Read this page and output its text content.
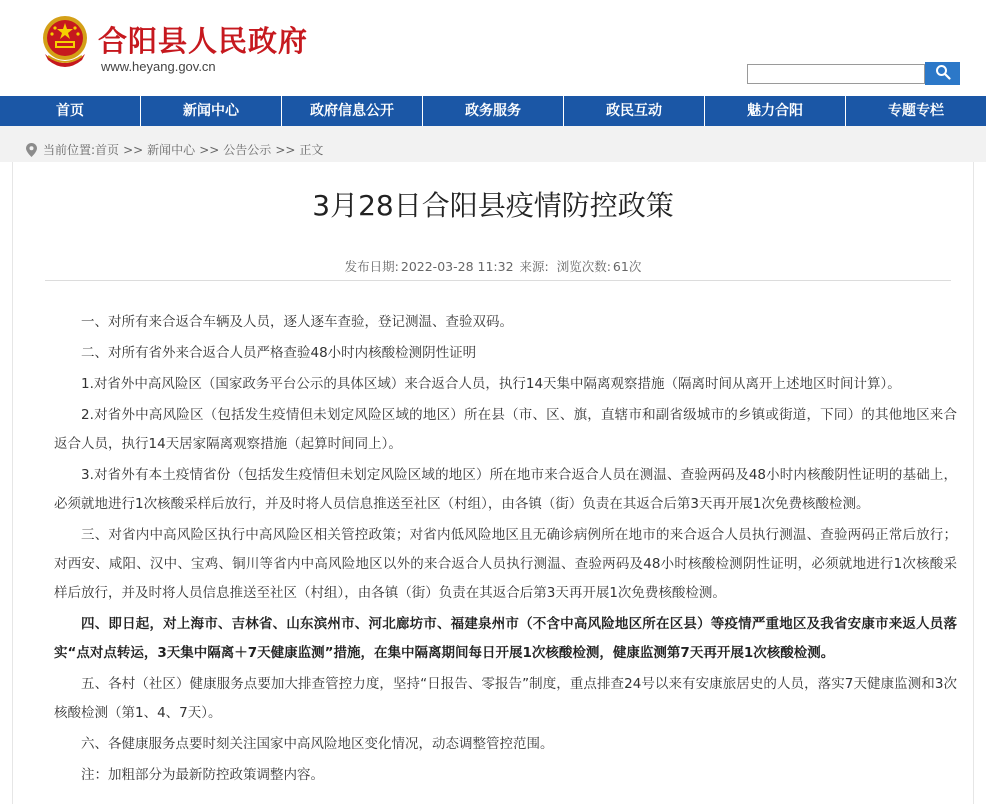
合阳县人民政府
www.heyang.gov.cn
首页	新闻中心	政府信息公开	政务服务	政民互动	魅力合阳	专题专栏
当前位置: 首页 >> 新闻中心 >> 公告公示 >> 正文
3月28日合阳县疫情防控政策
发布日期: 2022-03-28 11:32 来源: 浏览次数: 61次

一、对所有来合返合车辆及人员，逐人逐车查验，登记测温、查验双码。

二、对所有省外来合返合人员严格查验48小时内核酸检测阴性证明

1.对省外中高风险区（国家政务平台公示的具体区域）来合返合人员，执行14天集中隔离观察措施（隔离时间从离开上述地区时间计算）。

2.对省外中高风险区（包括发生疫情但未划定风险区域的地区）所在县（市、区、旗，直辖市和副省级城市的乡镇或街道，下同）的其他地区来合返合人员，执行14天居家隔离观察措施（起算时间同上）。

3.对省外有本土疫情省份（包括发生疫情但未划定风险区域的地区）所在地市来合返合人员在测温、查验两码及48小时内核酸阴性证明的基础上，必须就地进行1次核酸采样后放行，并及时将人员信息推送至社区（村组），由各镇（街）负责在其返合后第3天再开展1次免费核酸检测。

三、对省内中高风险区执行中高风险区相关管控政策；对省内低风险地区且无确诊病例所在地市的来合返合人员执行测温、查验两码正常后放行；对西安、咸阳、汉中、宝鸡、铜川等省内中高风险地区以外的来合返合人员执行测温、查验两码及48小时核酸检测阴性证明，必须就地进行1次核酸采样后放行，并及时将人员信息推送至社区（村组），由各镇（街）负责在其返合后第3天再开展1次免费核酸检测。

四、即日起，对上海市、吉林省、山东滨州市、河北廊坊市、福建泉州市（不含中高风险地区所在区县）等疫情严重地区及我省安康市来返人员落实“点对点转运，3天集中隔离＋7天健康监测”措施，在集中隔离期间每日开展1次核酸检测，健康监测第7天再开展1次核酸检测。

五、各村（社区）健康服务点要加大排查管控力度，坚持“日报告、零报告”制度，重点排查24号以来有安康旅居史的人员，落实7天健康监测和3次核酸检测（第1、4、7天）。

六、各健康服务点要时刻关注国家中高风险地区变化情况，动态调整管控范围。

注：加粗部分为最新防控政策调整内容。
